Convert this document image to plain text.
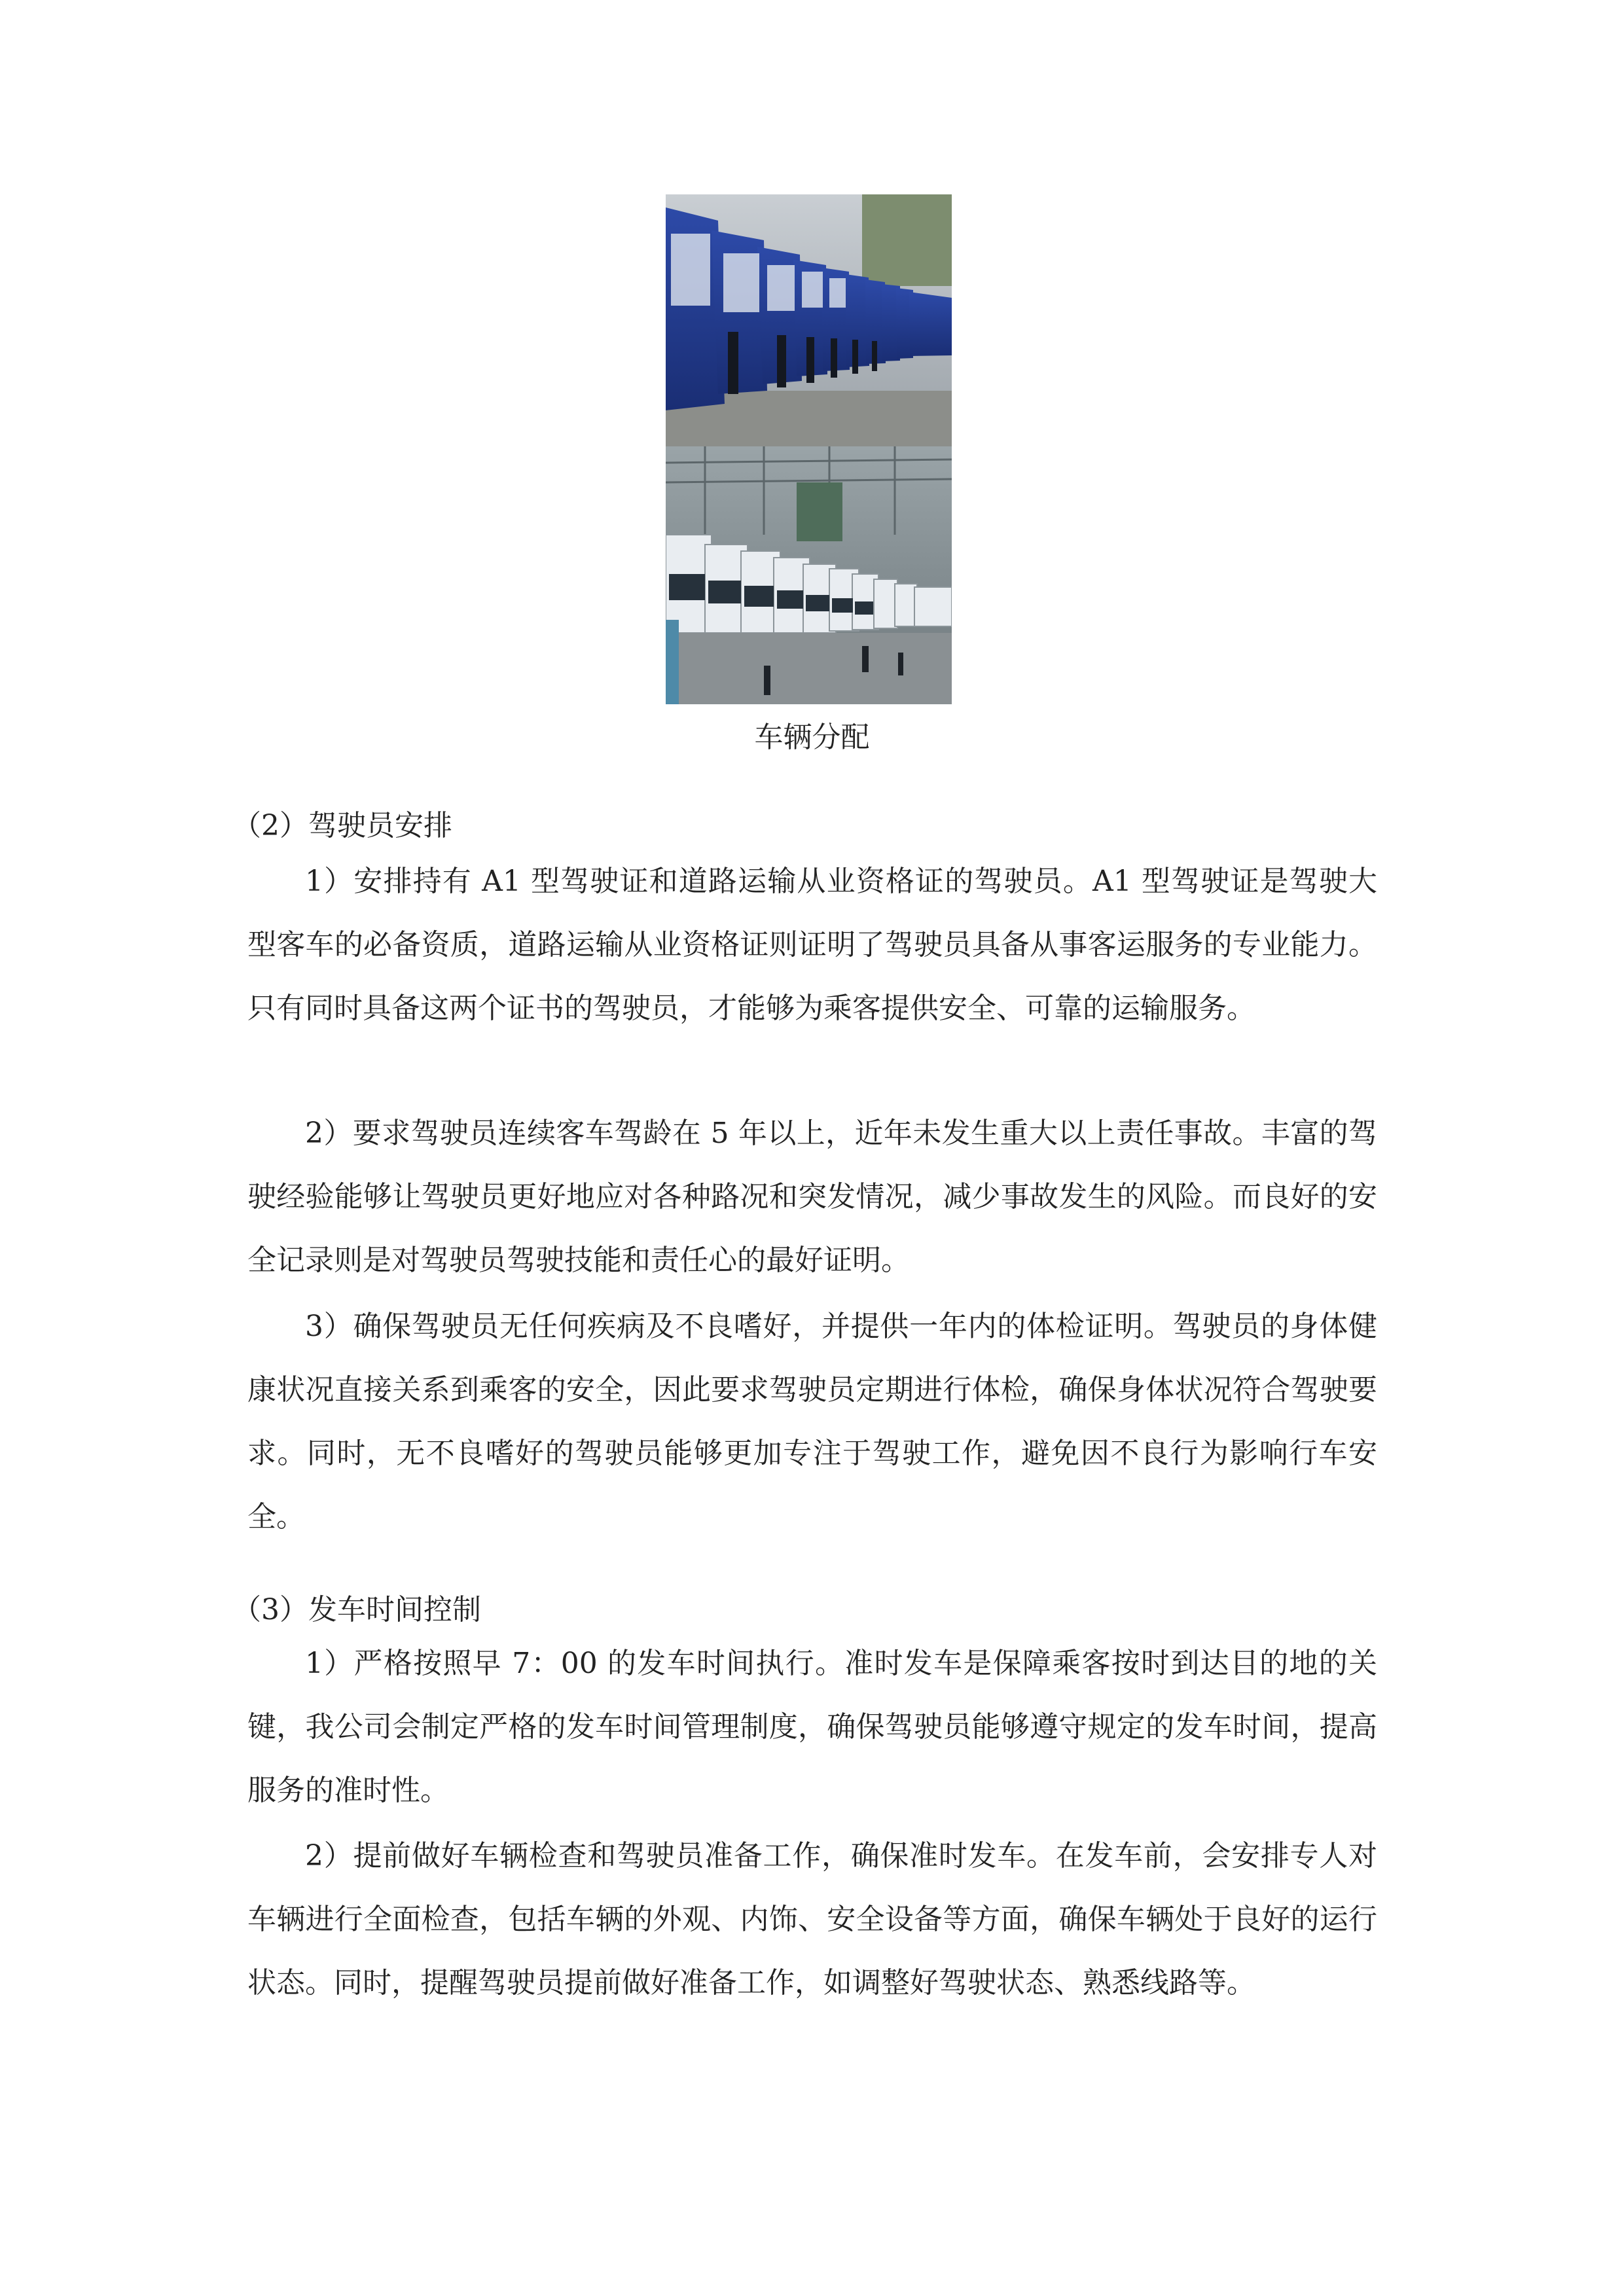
车辆分配
（2）驾驶员安排

1）安排持有 A1 型驾驶证和道路运输从业资格证的驾驶员。A1 型驾驶证是驾驶大型客车的必备资质，道路运输从业资格证则证明了驾驶员具备从事客运服务的专业能力。只有同时具备这两个证书的驾驶员，才能够为乘客提供安全、可靠的运输服务。

2）要求驾驶员连续客车驾龄在 5 年以上，近年未发生重大以上责任事故。丰富的驾驶经验能够让驾驶员更好地应对各种路况和突发情况，减少事故发生的风险。而良好的安全记录则是对驾驶员驾驶技能和责任心的最好证明。

3）确保驾驶员无任何疾病及不良嗜好，并提供一年内的体检证明。驾驶员的身体健康状况直接关系到乘客的安全，因此要求驾驶员定期进行体检，确保身体状况符合驾驶要求。同时，无不良嗜好的驾驶员能够更加专注于驾驶工作，避免因不良行为影响行车安全。

（3）发车时间控制

1）严格按照早 7：00 的发车时间执行。准时发车是保障乘客按时到达目的地的关键，我公司会制定严格的发车时间管理制度，确保驾驶员能够遵守规定的发车时间，提高服务的准时性。

2）提前做好车辆检查和驾驶员准备工作，确保准时发车。在发车前，会安排专人对车辆进行全面检查，包括车辆的外观、内饰、安全设备等方面，确保车辆处于良好的运行状态。同时，提醒驾驶员提前做好准备工作，如调整好驾驶状态、熟悉线路等。
